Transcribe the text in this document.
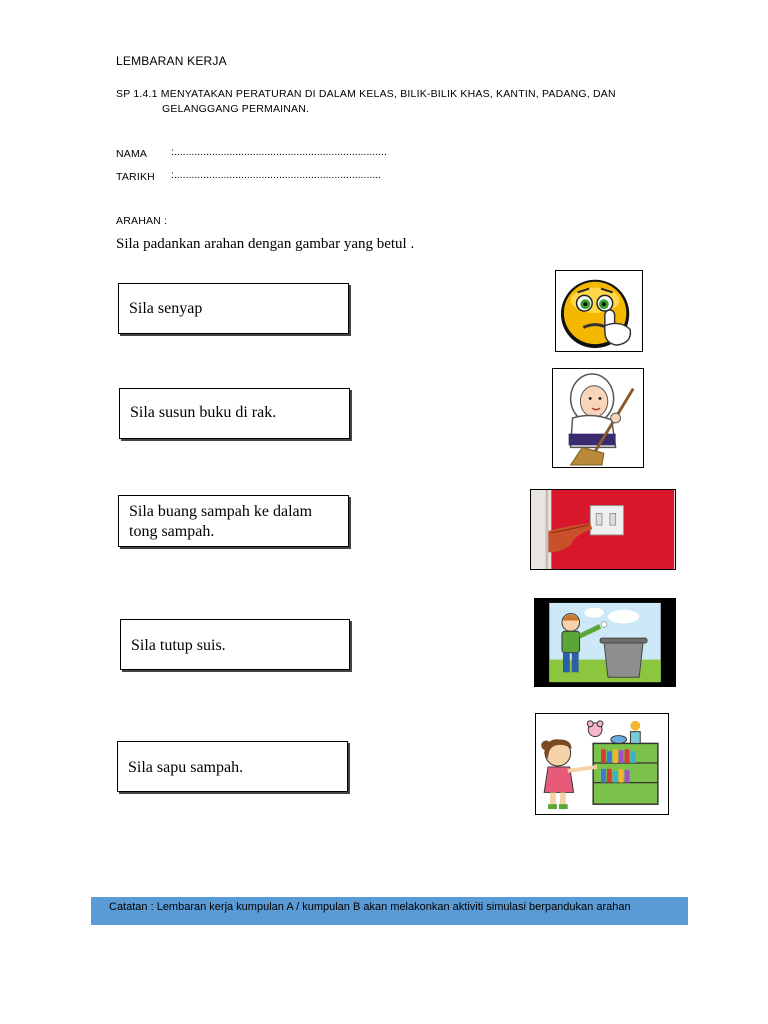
LEMBARAN KERJA
SP 1.4.1 MENYATAKAN PERATURAN DI DALAM KELAS, BILIK-BILIK KHAS, KANTIN, PADANG, DAN
GELANGGANG PERMAINAN.
NAMA :.........................................................................
TARIKH :.......................................................................
ARAHAN :
Sila padankan arahan dengan gambar yang betul .
Sila senyap
Sila susun buku di rak.
Sila buang sampah ke dalam
tong sampah.
Sila tutup suis.
Sila sapu sampah.
Catatan : Lembaran kerja kumpulan A / kumpulan B akan melakonkan aktiviti simulasi berpandukan arahan
